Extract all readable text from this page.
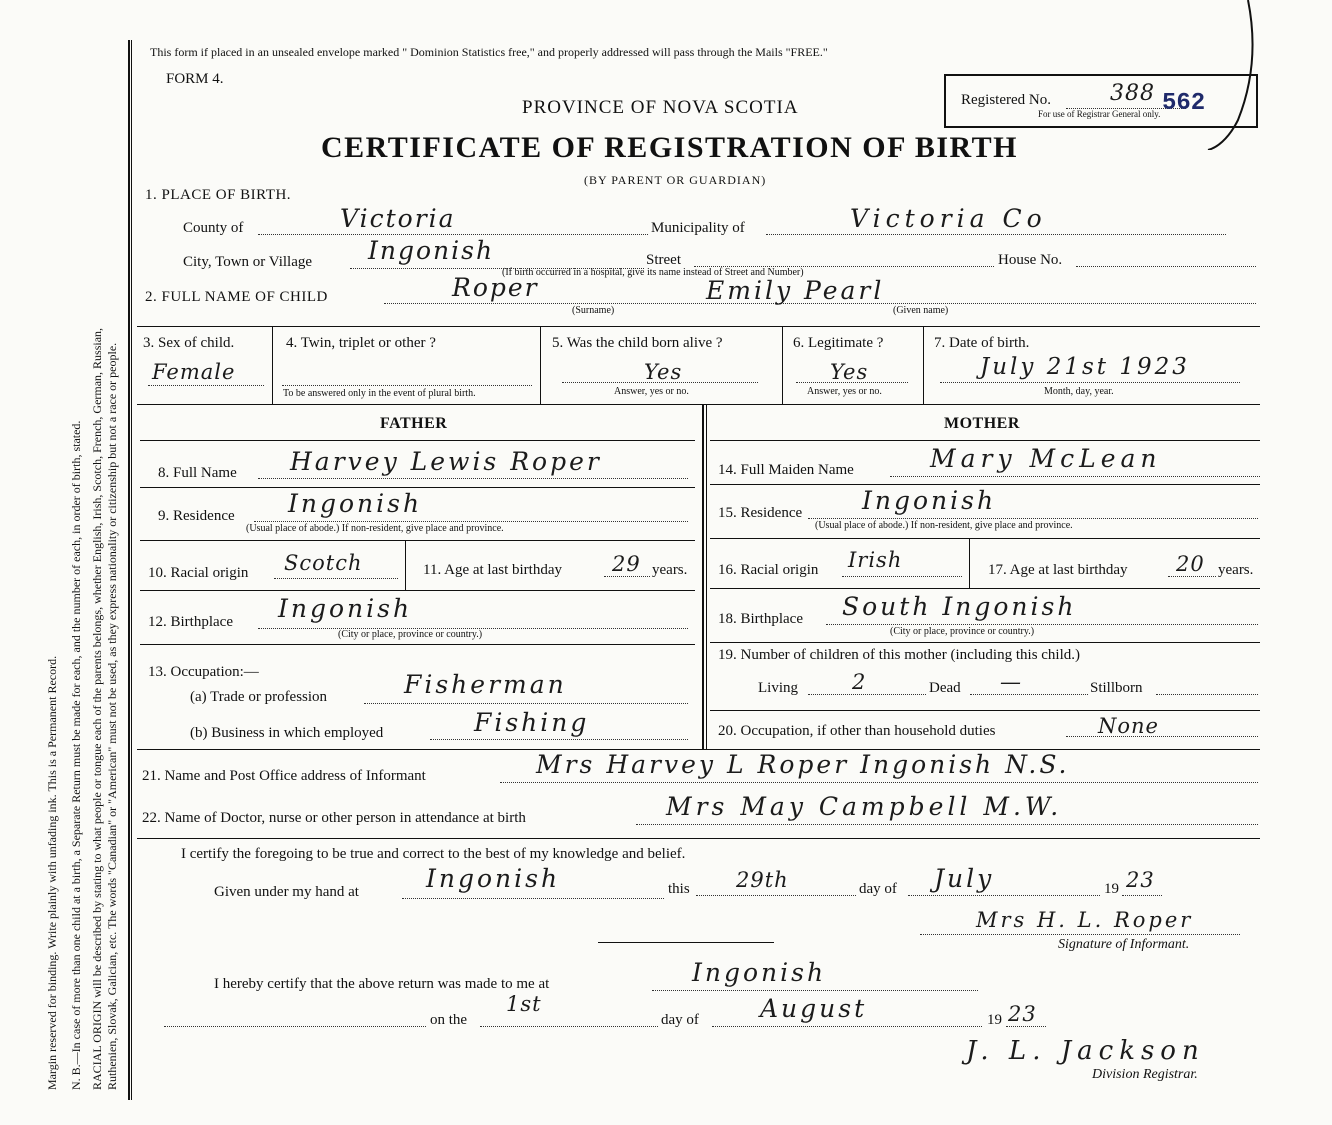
Margin reserved for binding. Write plainly with unfading ink. This is a Permanent Record. N. B.—In case of more than one child at a birth, a Separate Return must be made for each, and the number of each, in order of birth, stated. RACIAL ORIGIN will be described by stating to what people or tongue each of the parents belongs, whether English, Irish, Scotch, French, German, Russian, Ruthenien, Slovak, Galician, etc. The words "Canadian" or "American" must not be used, as they express nationality or citizenship but not a race or people.
This form if placed in an unsealed envelope marked " Dominion Statistics free," and properly addressed will pass through the Mails "FREE."
FORM 4.
PROVINCE OF NOVA SCOTIA
CERTIFICATE OF REGISTRATION OF BIRTH
(BY PARENT OR GUARDIAN)
Registered No.	388 562
For use of Registrar General only.
1. PLACE OF BIRTH.
County of	Victoria	Municipality of	Victoria Co
City, Town or Village Ingonish	Street	House No.
(If birth occurred in a hospital, give its name instead of Street and Number)
2. FULL NAME OF CHILD	Roper	Emily Pearl
(Surname)	(Given name)
3. Sex of child.
Female
4. Twin, triplet or other ?
To be answered only in the event of plural birth.
5. Was the child born alive ?
Yes
Answer, yes or no.
6. Legitimate ?
Yes
Answer, yes or no.
7. Date of birth.
July 21st 1923
Month, day, year.
FATHER	MOTHER
8. Full Name Harvey Lewis Roper	14. Full Maiden Name	Mary McLean
9. Residence Ingonish
(Usual place of abode.) If non-resident, give place and province.
15. Residence Ingonish
(Usual place of abode.) If non-resident, give place and province.
10. Racial origin Scotch	11. Age at last birthday 29 years. 16. Racial origin Irish	17. Age at last birthday 20 years.
12. Birthplace Ingonish
(City or place, province or country.)
18. Birthplace South Ingonish
(City or place, province or country.)
13. Occupation:—
(a) Trade or profession	Fisherman
(b) Business in which employed	Fishing
19. Number of children of this mother (including this child.)
Living	2	Dead —	Stillborn
20. Occupation, if other than household duties	None
21. Name and Post Office address of Informant	Mrs Harvey L Roper Ingonish N.S.
22. Name of Doctor, nurse or other person in attendance at birth	Mrs May Campbell M.W.
I certify the foregoing to be true and correct to the best of my knowledge and belief.
Given under my hand at	Ingonish	this 29th	day of July	19 23
Mrs H. L. Roper
Signature of Informant.
I hereby certify that the above return was made to me at	Ingonish
on the
1st
day of August	19 23
J. L. Jackson
Division Registrar.
